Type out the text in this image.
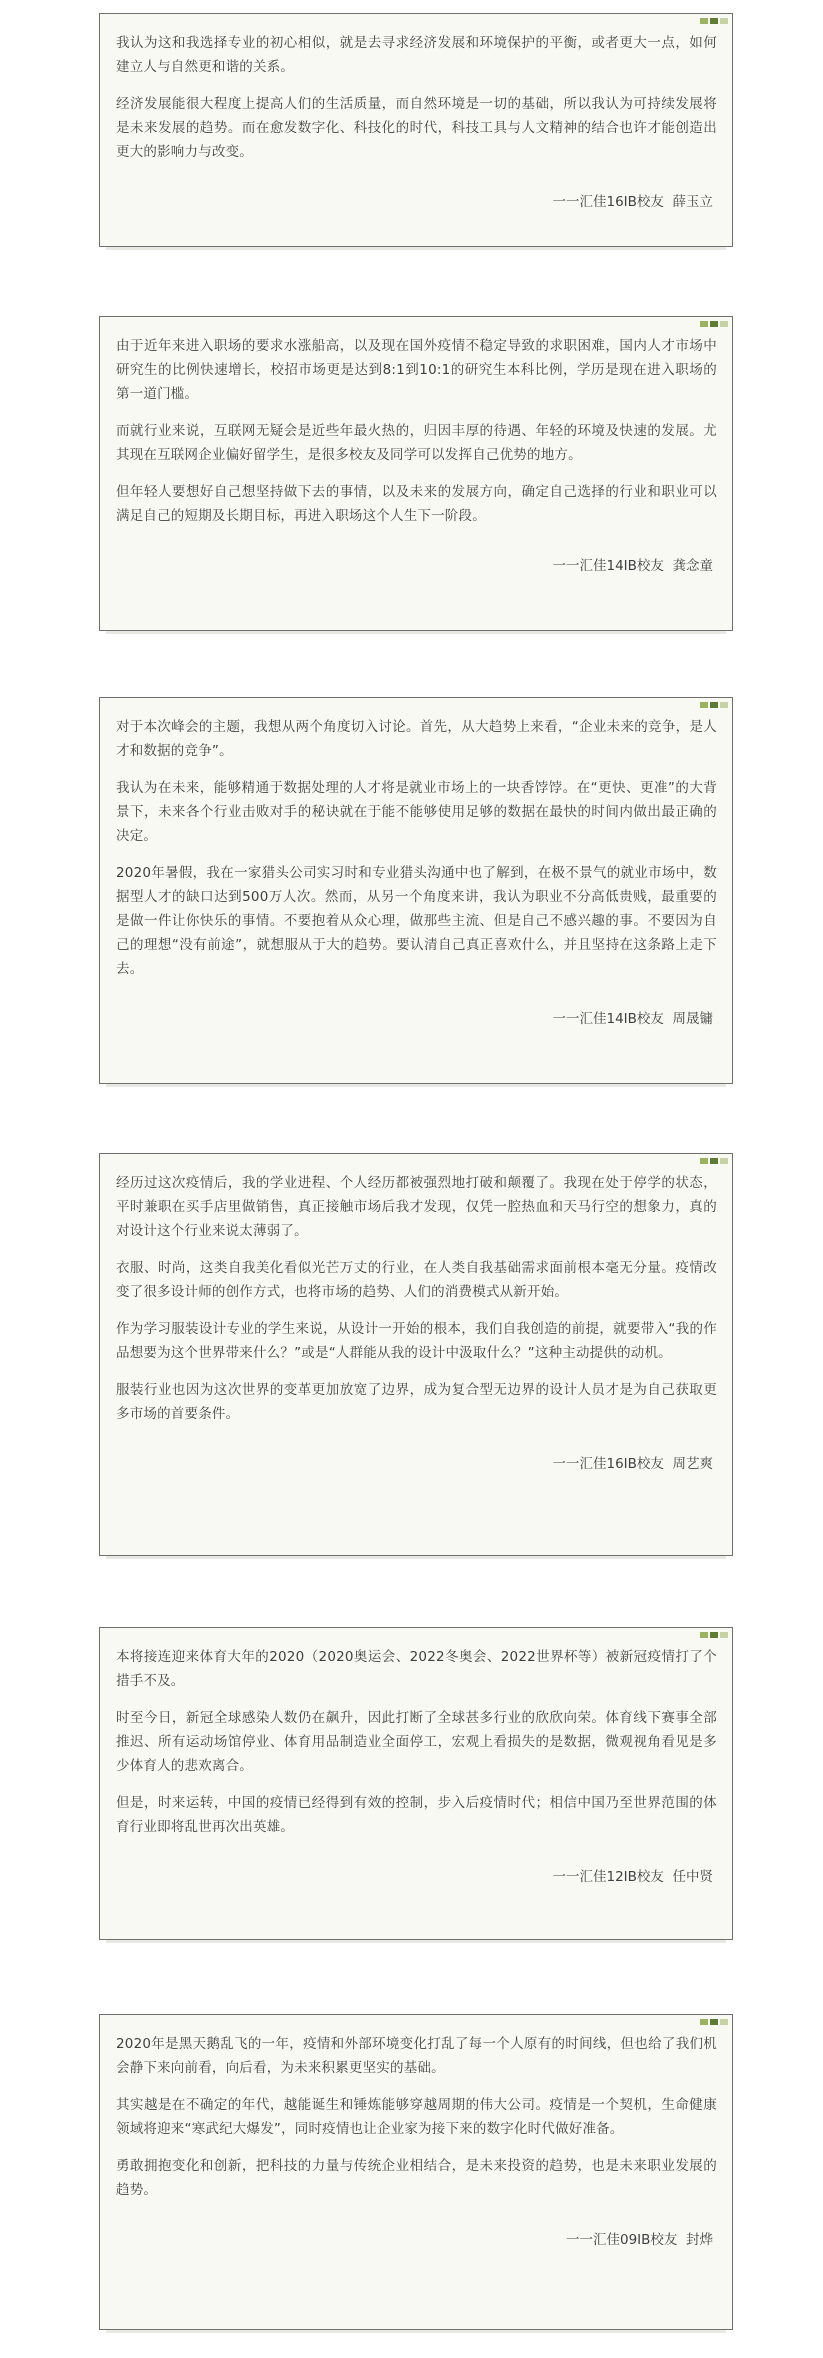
我认为这和我选择专业的初心相似，就是去寻求经济发展和环境保护的平衡，或者更大一点，如何建立人与自然更和谐的关系。

经济发展能很大程度上提高人们的生活质量，而自然环境是一切的基础，所以我认为可持续发展将是未来发展的趋势。而在愈发数字化、科技化的时代，科技工具与人文精神的结合也许才能创造出更大的影响力与改变。

一一汇佳16IB校友  薛玉立

由于近年来进入职场的要求水涨船高，以及现在国外疫情不稳定导致的求职困难，国内人才市场中研究生的比例快速增长，校招市场更是达到8:1到10:1的研究生本科比例，学历是现在进入职场的第一道门槛。

而就行业来说，互联网无疑会是近些年最火热的，归因丰厚的待遇、年轻的环境及快速的发展。尤其现在互联网企业偏好留学生，是很多校友及同学可以发挥自己优势的地方。

但年轻人要想好自己想坚持做下去的事情，以及未来的发展方向，确定自己选择的行业和职业可以满足自己的短期及长期目标，再进入职场这个人生下一阶段。

一一汇佳14IB校友  龚念童

对于本次峰会的主题，我想从两个角度切入讨论。首先，从大趋势上来看，“企业未来的竞争，是人才和数据的竞争”。

我认为在未来，能够精通于数据处理的人才将是就业市场上的一块香饽饽。在“更快、更准”的大背景下，未来各个行业击败对手的秘诀就在于能不能够使用足够的数据在最快的时间内做出最正确的决定。

2020年暑假，我在一家猎头公司实习时和专业猎头沟通中也了解到，在极不景气的就业市场中，数据型人才的缺口达到500万人次。然而，从另一个角度来讲，我认为职业不分高低贵贱，最重要的是做一件让你快乐的事情。不要抱着从众心理，做那些主流、但是自己不感兴趣的事。不要因为自己的理想“没有前途”，就想服从于大的趋势。要认清自己真正喜欢什么，并且坚持在这条路上走下去。

一一汇佳14IB校友  周晟镛

经历过这次疫情后，我的学业进程、个人经历都被强烈地打破和颠覆了。我现在处于停学的状态，平时兼职在买手店里做销售，真正接触市场后我才发现，仅凭一腔热血和天马行空的想象力，真的对设计这个行业来说太薄弱了。

衣服、时尚，这类自我美化看似光芒万丈的行业，在人类自我基础需求面前根本毫无分量。疫情改变了很多设计师的创作方式，也将市场的趋势、人们的消费模式从新开始。

作为学习服装设计专业的学生来说，从设计一开始的根本，我们自我创造的前提，就要带入“我的作品想要为这个世界带来什么？”或是“人群能从我的设计中汲取什么？”这种主动提供的动机。

服装行业也因为这次世界的变革更加放宽了边界，成为复合型无边界的设计人员才是为自己获取更多市场的首要条件。

一一汇佳16IB校友  周艺爽

本将接连迎来体育大年的2020（2020奥运会、2022冬奥会、2022世界杯等）被新冠疫情打了个措手不及。

时至今日，新冠全球感染人数仍在飙升，因此打断了全球甚多行业的欣欣向荣。体育线下赛事全部推迟、所有运动场馆停业、体育用品制造业全面停工，宏观上看损失的是数据，微观视角看见是多少体育人的悲欢离合。

但是，时来运转，中国的疫情已经得到有效的控制，步入后疫情时代；相信中国乃至世界范围的体育行业即将乱世再次出英雄。

一一汇佳12IB校友  任中贤

2020年是黑天鹅乱飞的一年，疫情和外部环境变化打乱了每一个人原有的时间线，但也给了我们机会静下来向前看，向后看，为未来积累更坚实的基础。

其实越是在不确定的年代，越能诞生和锤炼能够穿越周期的伟大公司。疫情是一个契机，生命健康领域将迎来“寒武纪大爆发”，同时疫情也让企业家为接下来的数字化时代做好准备。

勇敢拥抱变化和创新，把科技的力量与传统企业相结合，是未来投资的趋势，也是未来职业发展的趋势。

一一汇佳09IB校友  封烨
